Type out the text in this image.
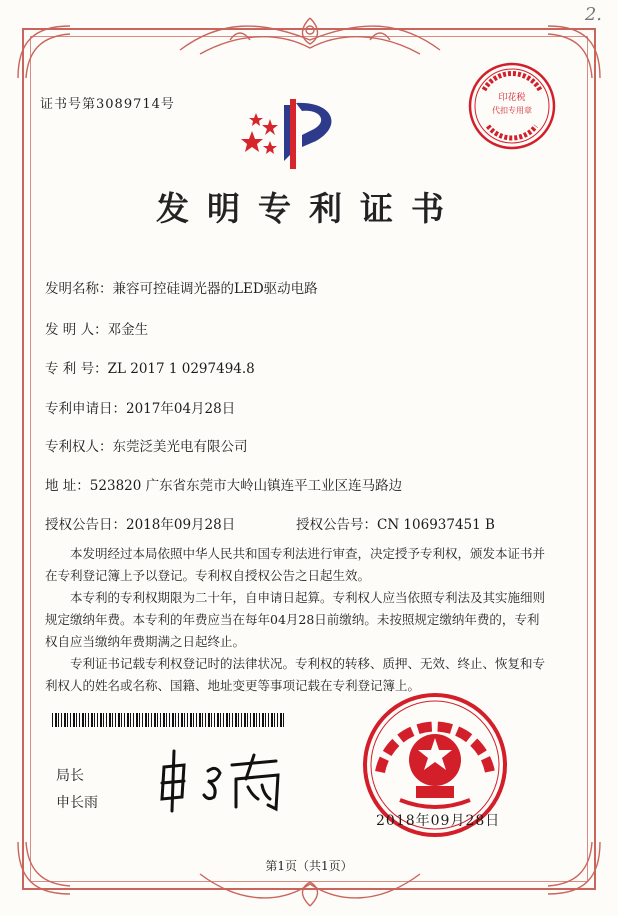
2.
证书号第3089714号
发明专利证书
发明名称：兼容可控硅调光器的LED驱动电路
发 明 人：邓金生
专 利 号：ZL 2017 1 0297494.8
专利申请日：2017年04月28日
专利权人：东莞泛美光电有限公司
地 址：523820 广东省东莞市大岭山镇连平工业区连马路边
授权公告日：2018年09月28日	授权公告号：CN 106937451 B

本发明经过本局依照中华人民共和国专利法进行审查，决定授予专利权，颁发本证书并在专利登记簿上予以登记。专利权自授权公告之日起生效。

本专利的专利权期限为二十年，自申请日起算。专利权人应当依照专利法及其实施细则规定缴纳年费。本专利的年费应当在每年04月28日前缴纳。未按照规定缴纳年费的，专利权自应当缴纳年费期满之日起终止。

专利证书记载专利权登记时的法律状况。专利权的转移、质押、无效、终止、恢复和专利权人的姓名或名称、国籍、地址变更等事项记载在专利登记簿上。

局长
申长雨
印花税
代扣专用章
2018年09月28日
第1页（共1页）
